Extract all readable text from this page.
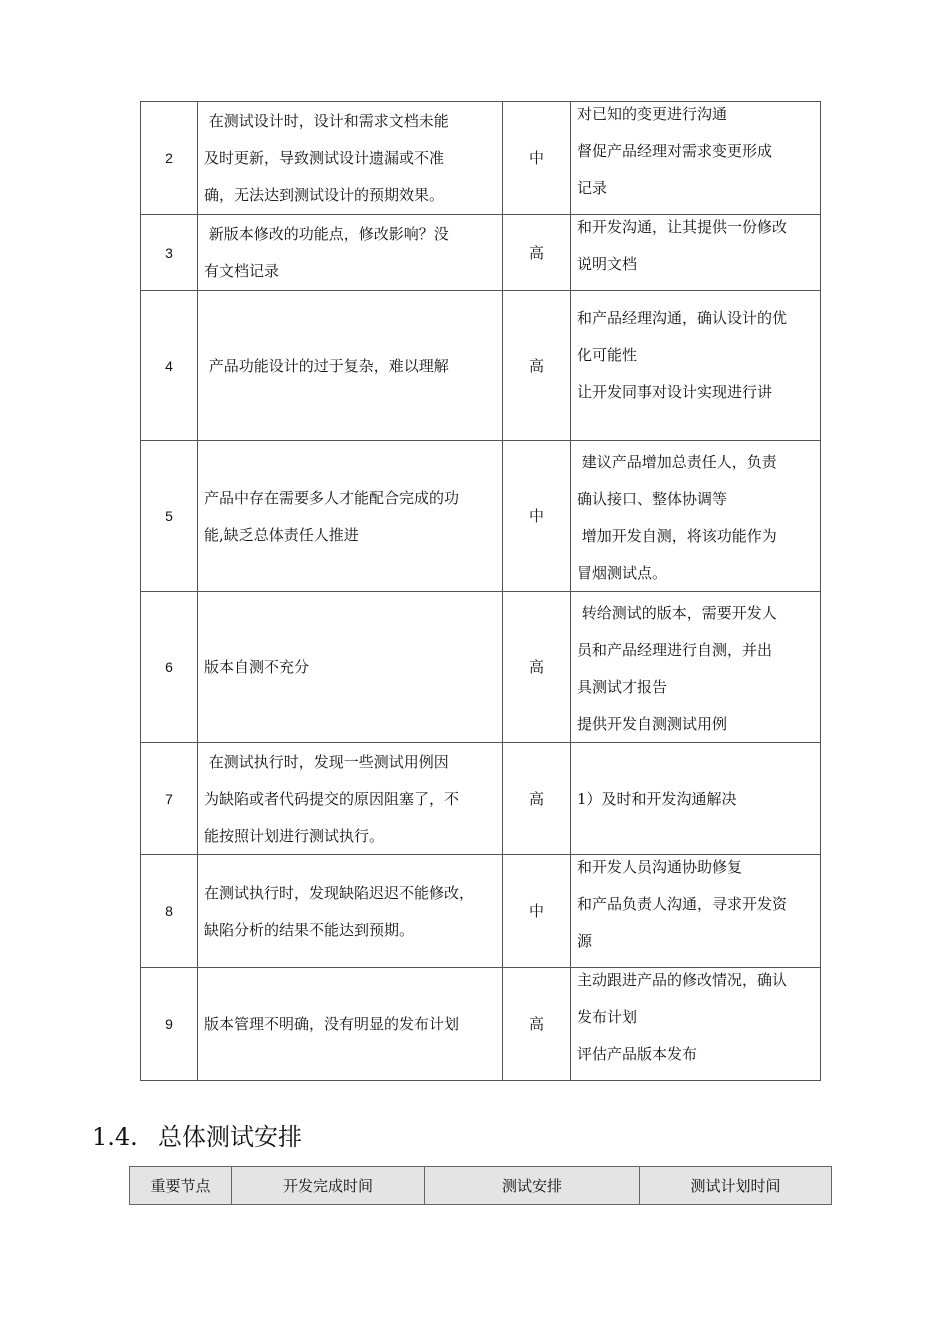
2	在测试设计时，设计和需求文档未能
及时更新，导致测试设计遗漏或不准
确，无法达到测试设计的预期效果。	中	对已知的变更进行沟通
督促产品经理对需求变更形成
记录

3	新版本修改的功能点，修改影响？没
有文档记录	高	和开发沟通，让其提供一份修改
说明文档

4	产品功能设计的过于复杂，难以理解	高	和产品经理沟通，确认设计的优
化可能性
让开发同事对设计实现进行讲

5	产品中存在需要多人才能配合完成的功
能,缺乏总体责任人推进	中	建议产品增加总责任人，负责
确认接口、整体协调等
增加开发自测，将该功能作为
冒烟测试点。

6	版本自测不充分	高	转给测试的版本，需要开发人
员和产品经理进行自测，并出
具测试才报告
提供开发自测测试用例

7	在测试执行时，发现一些测试用例因
为缺陷或者代码提交的原因阻塞了，不
能按照计划进行测试执行。	高	1）及时和开发沟通解决

8	在测试执行时，发现缺陷迟迟不能修改，
缺陷分析的结果不能达到预期。	中	和开发人员沟通协助修复
和产品负责人沟通，寻求开发资
源

9	版本管理不明确，没有明显的发布计划	高	主动跟进产品的修改情况，确认
发布计划
评估产品版本发布
1.4. 总体测试安排
重要节点	开发完成时间	测试安排	测试计划时间
